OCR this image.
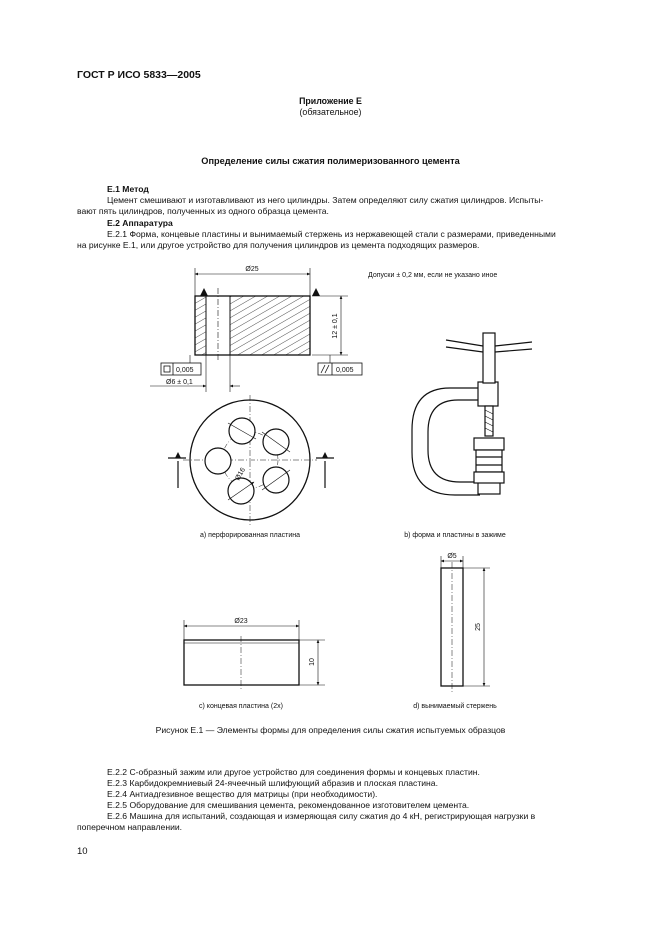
ГОСТ Р ИСО 5833—2005
Приложение Е
(обязательное)
Определение силы сжатия полимеризованного цемента
Е.1 Метод
Цемент смешивают и изготавливают из него цилиндры. Затем определяют силу сжатия цилиндров. Испыты-
вают пять цилиндров, полученных из одного образца цемента.
Е.2 Аппаратура
Е.2.1 Форма, концевые пластины и вынимаемый стержень из нержавеющей стали с размерами, приведенными
на рисунке Е.1, или другое устройство для получения цилиндров из цемента подходящих размеров.
Ø25
Допуски ± 0,2 мм, если не указано иное
12 ± 0,1
0,005	0,005
Ø6 ± 0,1
Ø16
a) перфорированная пластина	b) форма и пластины в зажиме
Ø23
10
c) концевая пластина (2x)
Ø5
25
d) вынимаемый стержень
Рисунок Е.1 — Элементы формы для определения силы сжатия испытуемых образцов
Е.2.2 С-образный зажим или другое устройство для соединения формы и концевых пластин.
Е.2.3 Карбидокремниевый 24-ячеечный шлифующий абразив и плоская пластина.
Е.2.4 Антиадгезивное вещество для матрицы (при необходимости).
Е.2.5 Оборудование для смешивания цемента, рекомендованное изготовителем цемента.
Е.2.6 Машина для испытаний, создающая и измеряющая силу сжатия до 4 кН, регистрирующая нагрузки в
поперечном направлении.
10
